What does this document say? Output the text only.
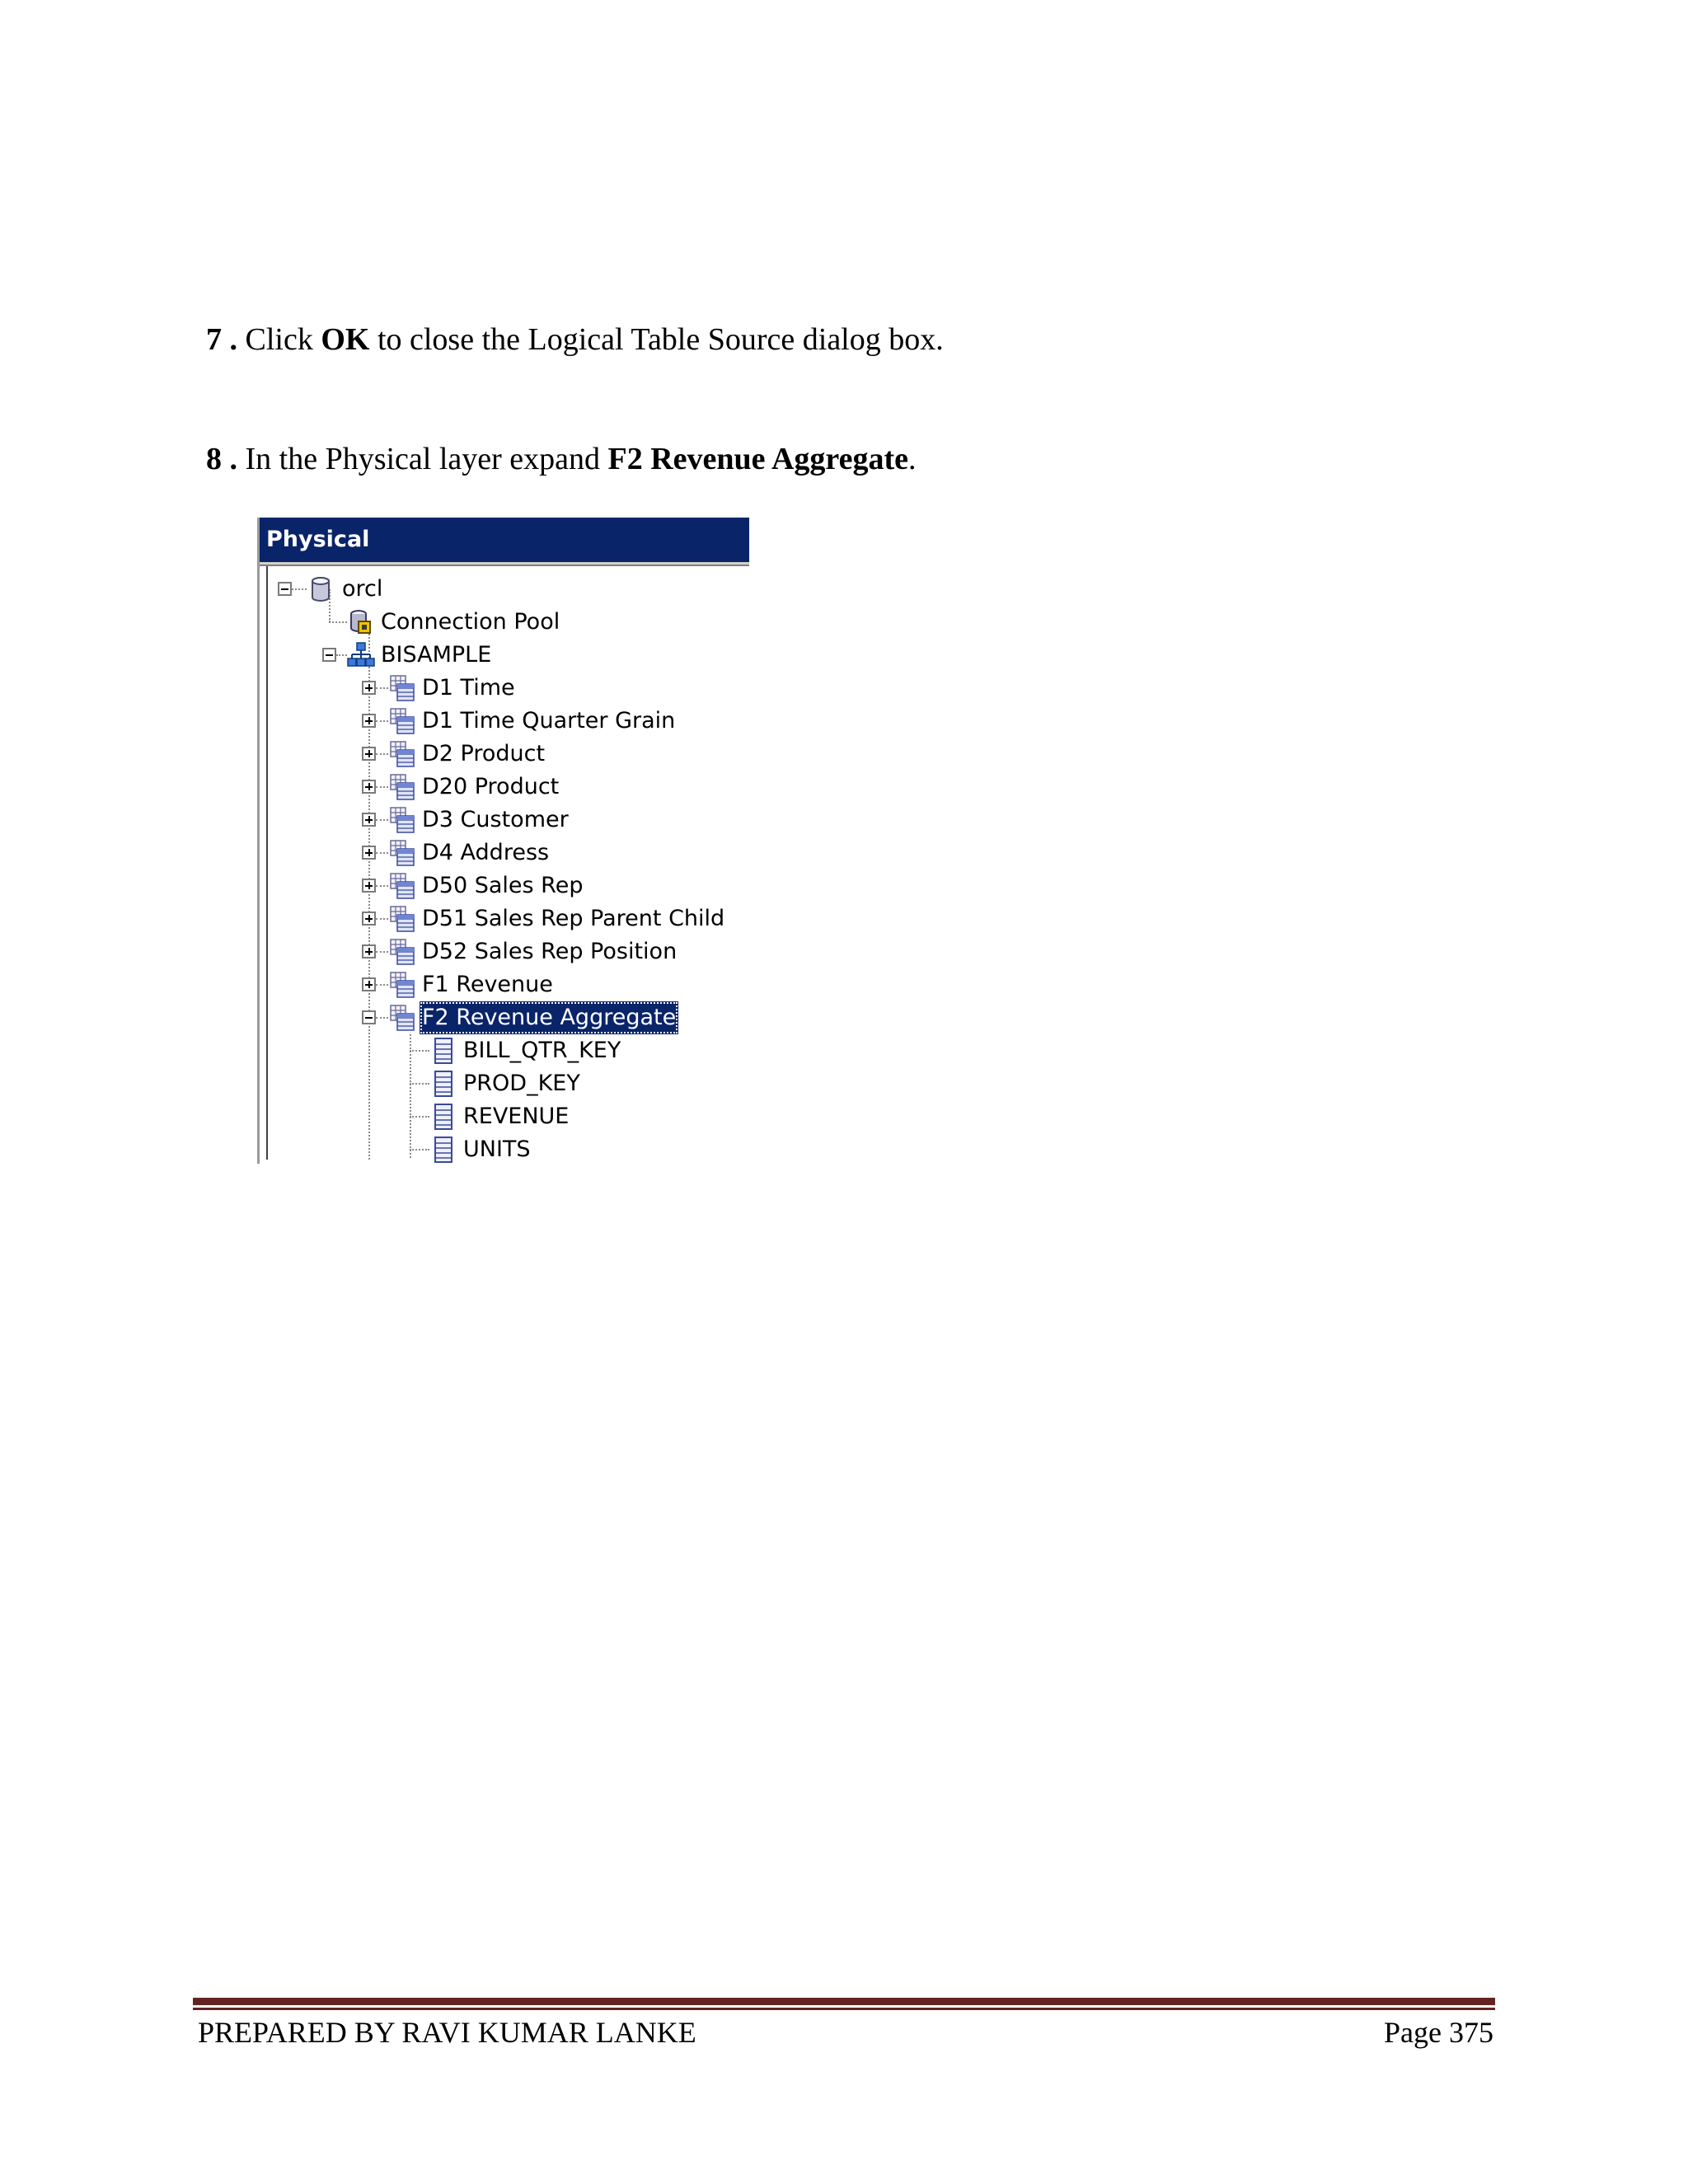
7 . Click OK to close the Logical Table Source dialog box.
8 . In the Physical layer expand F2 Revenue Aggregate.
Physical
orcl
Connection Pool
BISAMPLE
D1 Time
D1 Time Quarter Grain
D2 Product
D20 Product
D3 Customer
D4 Address
D50 Sales Rep
D51 Sales Rep Parent Child
D52 Sales Rep Position
F1 Revenue
F2 Revenue Aggregate
BILL_QTR_KEY
PROD_KEY
REVENUE
UNITS
PREPARED BY RAVI KUMAR LANKE	Page 375
